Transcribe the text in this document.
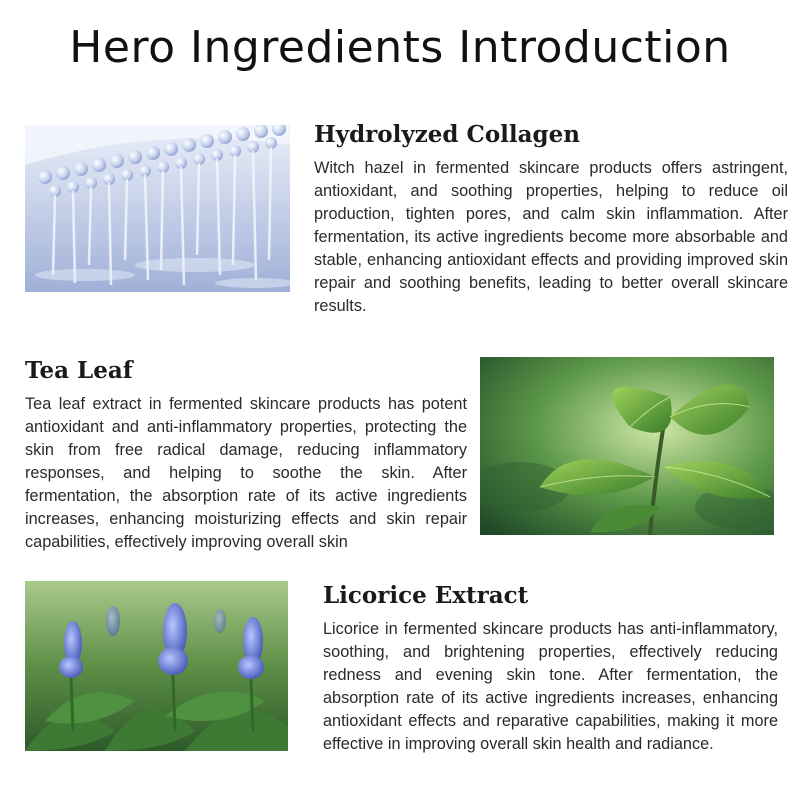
Hero Ingredients Introduction
Hydrolyzed Collagen

Witch hazel in fermented skincare products offers astringent, antioxidant, and soothing properties, helping to reduce oil production, tighten pores, and calm skin inflammation. After fermentation, its active ingredients become more absorbable and stable, enhancing antioxidant effects and providing improved skin repair and soothing benefits, leading to better overall skincare results.

Tea Leaf

Tea leaf extract in fermented skincare products has potent antioxidant and anti-inflammatory properties, protecting the skin from free radical damage, reducing inflammatory responses, and helping to soothe the skin. After fermentation, the absorption rate of its active ingredients increases, enhancing moisturizing effects and skin repair capabilities, effectively improving overall skin

Licorice Extract

Licorice in fermented skincare products has anti-inflammatory, soothing, and brightening properties, effectively reducing redness and evening skin tone. After fermentation, the absorption rate of its active ingredients increases, enhancing antioxidant effects and reparative capabilities, making it more effective in improving overall skin health and radiance.
